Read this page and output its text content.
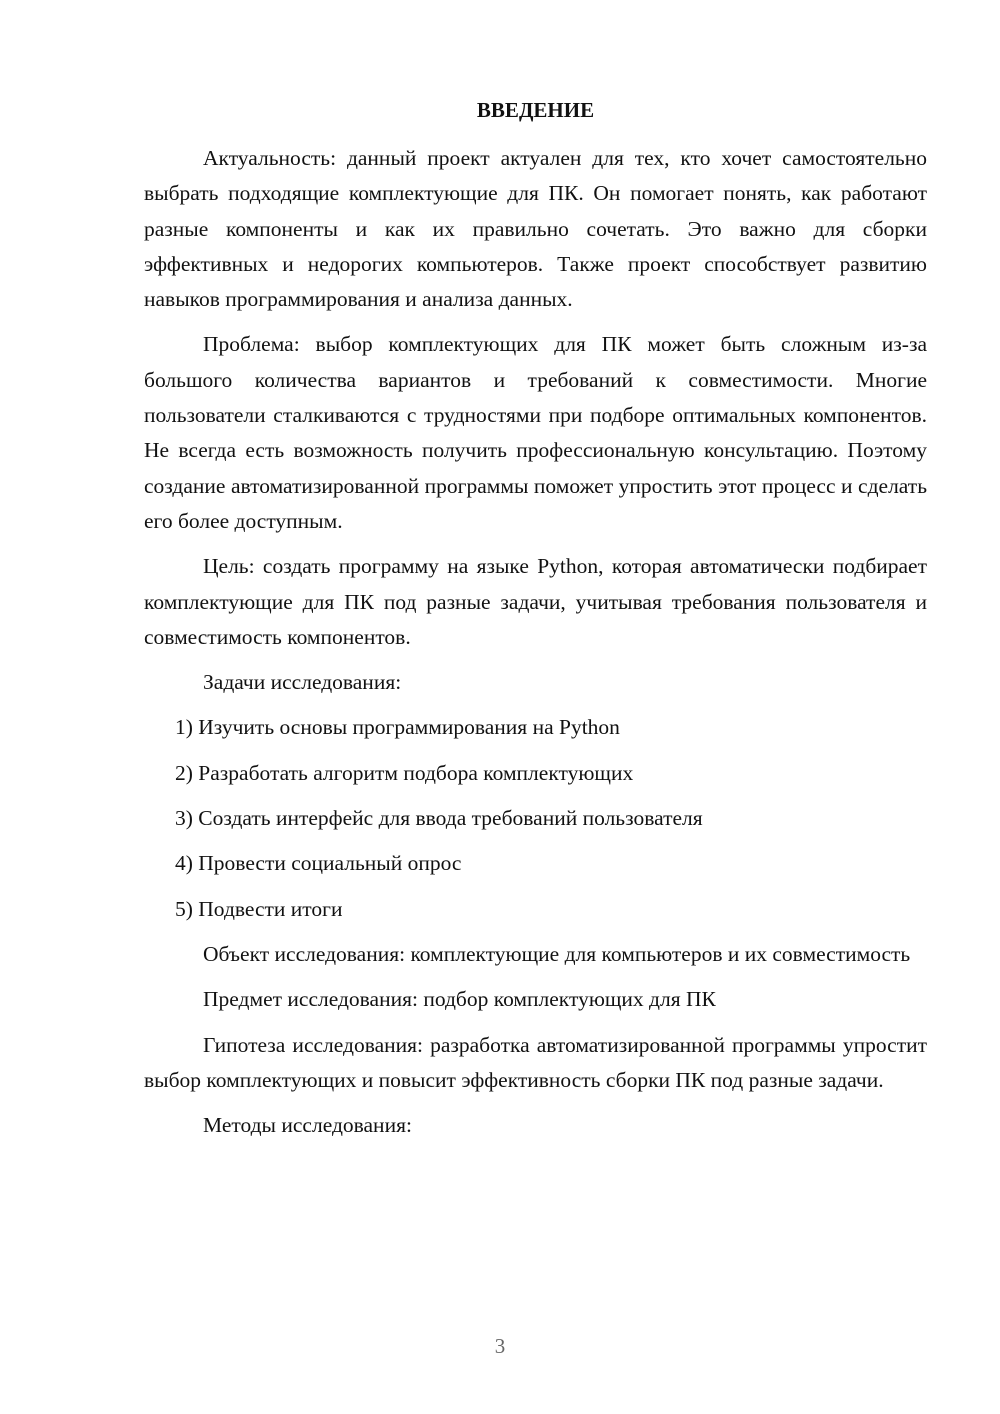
ВВЕДЕНИЕ

Актуальность: данный проект актуален для тех, кто хочет самостоятельно выбрать подходящие комплектующие для ПК. Он помогает понять, как работают разные компоненты и как их правильно сочетать. Это важно для сборки эффективных и недорогих компьютеров. Также проект способствует развитию навыков программирования и анализа данных.

Проблема: выбор комплектующих для ПК может быть сложным из-за большого количества вариантов и требований к совместимости. Многие пользователи сталкиваются с трудностями при подборе оптимальных компонентов. Не всегда есть возможность получить профессиональную консультацию. Поэтому создание автоматизированной программы поможет упростить этот процесс и сделать его более доступным.

Цель: создать программу на языке Python, которая автоматически подбирает комплектующие для ПК под разные задачи, учитывая требования пользователя и совместимость компонентов.

Задачи исследования:
1) Изучить основы программирования на Python
2) Разработать алгоритм подбора комплектующих
3) Создать интерфейс для ввода требований пользователя
4) Провести социальный опрос
5) Подвести итоги

Объект исследования: комплектующие для компьютеров и их совместимость

Предмет исследования: подбор комплектующих для ПК

Гипотеза исследования: разработка автоматизированной программы упростит выбор комплектующих и повысит эффективность сборки ПК под разные задачи.

Методы исследования:
3
